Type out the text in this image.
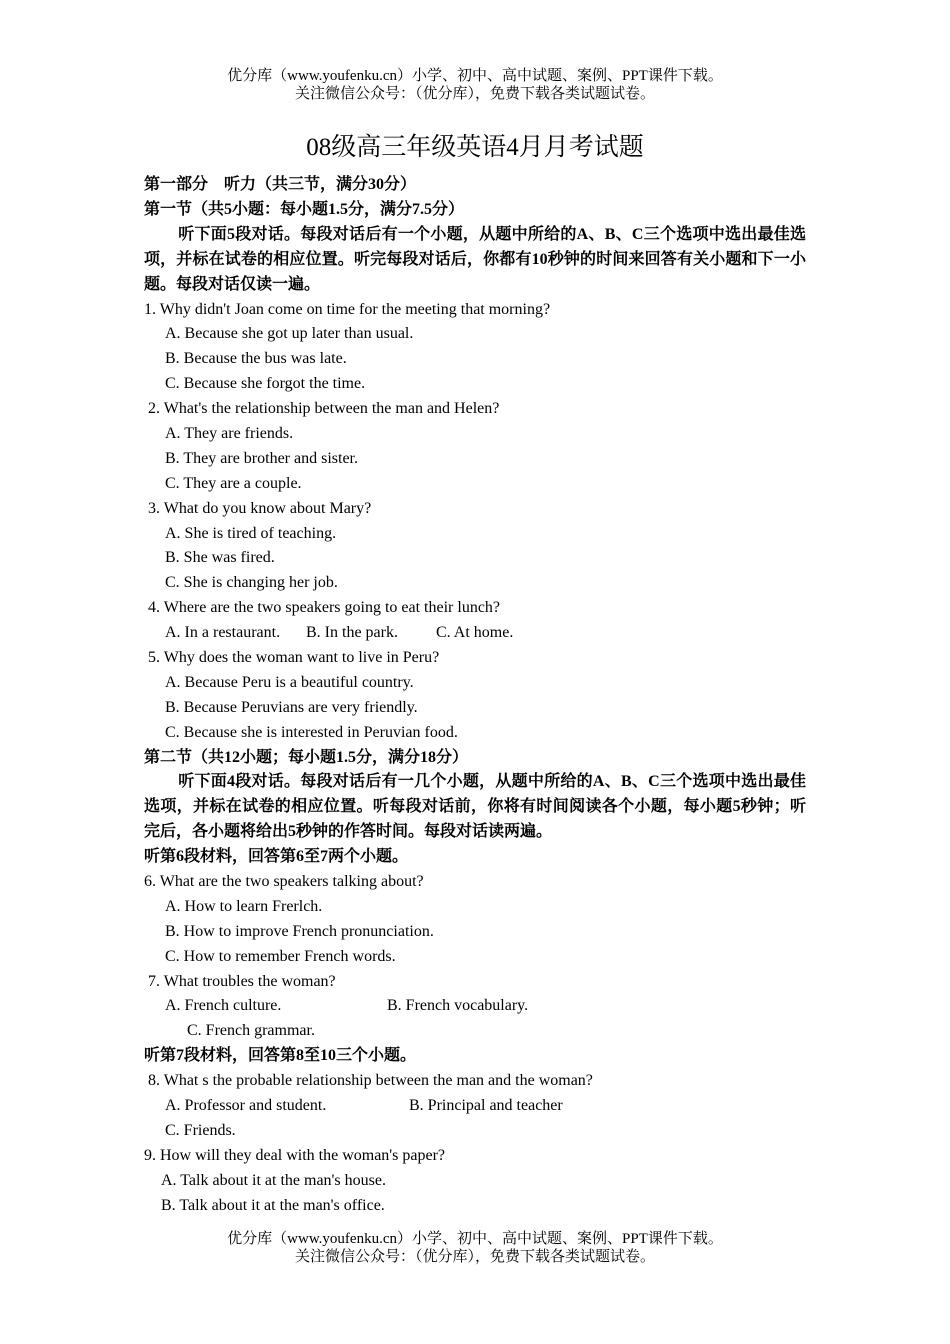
优分库（www.youfenku.cn）小学、初中、高中试题、案例、PPT课件下载。
关注微信公众号：（优分库），免费下载各类试题试卷。
08级高三年级英语4月月考试题
第一部分　听力（共三节，满分30分）
第一节（共5小题：每小题1.5分，满分7.5分）
听下面5段对话。每段对话后有一个小题，从题中所给的A、B、C三个选项中选出最佳选项，并标在试卷的相应位置。听完每段对话后，你都有10秒钟的时间来回答有关小题和下一小题。每段对话仅读一遍。
1. Why didn't Joan come on time for the meeting that morning?
A. Because she got up later than usual.
B. Because the bus was late.
C. Because she forgot the time.
2. What's the relationship between the man and Helen?
A. They are friends.
B. They are brother and sister.
C. They are a couple.
3. What do you know about Mary?
A. She is tired of teaching.
B. She was fired.
C. She is changing her job.
4. Where are the two speakers going to eat their lunch?
A. In a restaurant. B. In the park. C. At home.
5. Why does the woman want to live in Peru?
A. Because Peru is a beautiful country.
B. Because Peruvians are very friendly.
C. Because she is interested in Peruvian food.
第二节（共12小题；每小题1.5分，满分18分）
听下面4段对话。每段对话后有一几个小题，从题中所给的A、B、C三个选项中选出最佳选项，并标在试卷的相应位置。听每段对话前，你将有时间阅读各个小题，每小题5秒钟；听完后，各小题将给出5秒钟的作答时间。每段对话读两遍。
听第6段材料，回答第6至7两个小题。
6. What are the two speakers talking about?
A. How to learn Frerlch.
B. How to improve French pronunciation.
C. How to remember French words.
7. What troubles the woman?
A. French culture.	B. French vocabulary.
C. French grammar.
听第7段材料，回答第8至10三个小题。
8. What s the probable relationship between the man and the woman?
A. Professor and student.	B. Principal and teacher
C. Friends.
9. How will they deal with the woman's paper?
A. Talk about it at the man's house.
B. Talk about it at the man's office.
优分库（www.youfenku.cn）小学、初中、高中试题、案例、PPT课件下载。
关注微信公众号：（优分库），免费下载各类试题试卷。
